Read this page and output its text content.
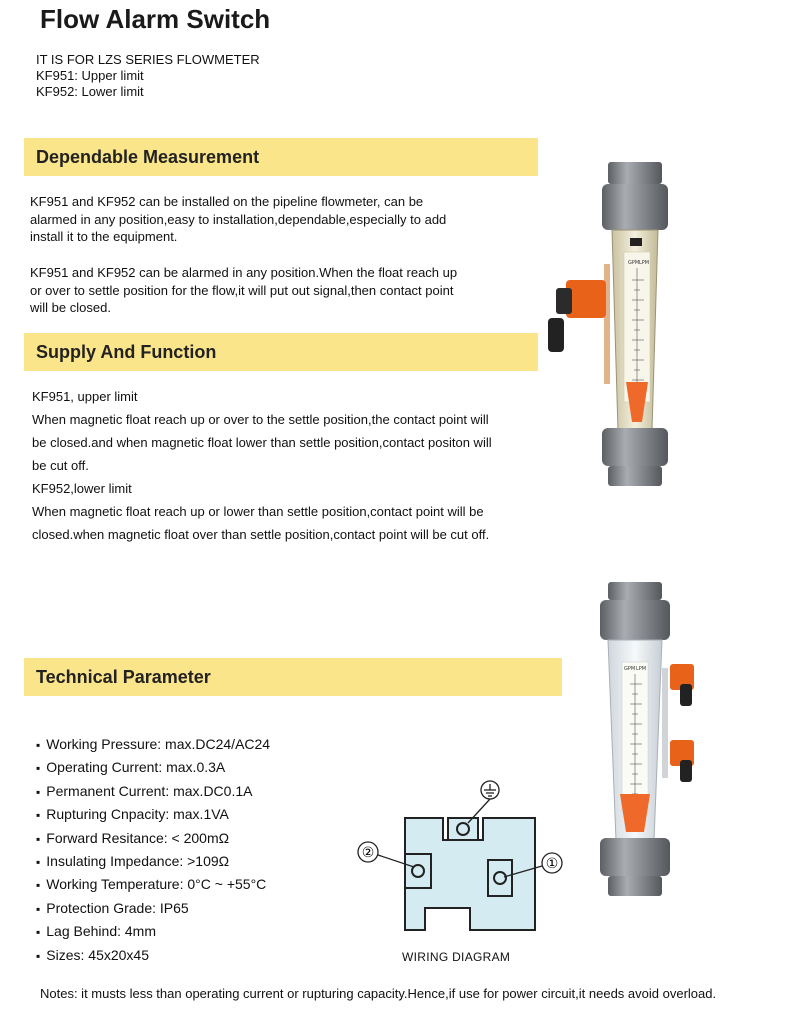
Flow Alarm Switch
IT IS FOR LZS SERIES FLOWMETER
KF951: Upper limit
KF952: Lower limit
Dependable Measurement
KF951 and KF952 can be installed on the pipeline flowmeter, can be alarmed in any position,easy to installation,dependable,especially to add install it to the equipment.
KF951 and KF952 can be alarmed in any position.When the float reach up or over to settle position for the flow,it will put out signal,then contact point will be closed.
Supply And Function
KF951, upper limit
When magnetic float reach up or over to the settle position,the contact point will be closed.and when magnetic float lower than settle position,contact positon will be cut off.
KF952,lower limit
When magnetic float reach up or lower than settle position,contact point will be closed.when magnetic float over than settle position,contact point will be cut off.
Technical Parameter
▪ Working Pressure: max.DC24/AC24
▪ Operating Current: max.0.3A
▪ Permanent Current: max.DC0.1A
▪ Rupturing Cnpacity: max.1VA
▪ Forward Resitance: < 200mΩ
▪ Insulating Impedance: >109Ω
▪ Working Temperature: 0°C ~ +55°C
▪ Protection Grade: IP65
▪ Lag Behind: 4mm
▪ Sizes: 45x20x45
②
①
WIRING DIAGRAM
GPM LPM
GPM LPM
Notes: it musts less than operating current or rupturing capacity.Hence,if use for power circuit,it needs avoid overload.
